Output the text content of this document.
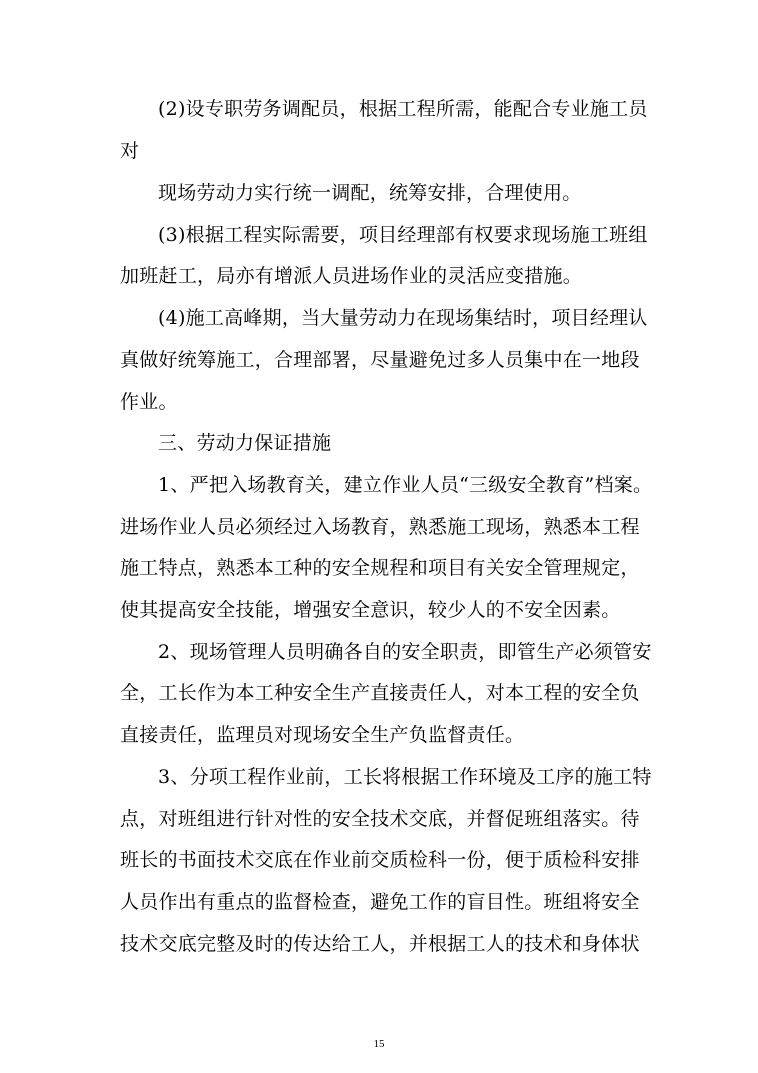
(2)设专职劳务调配员，根据工程所需，能配合专业施工员
对
现场劳动力实行统一调配，统筹安排，合理使用。
(3)根据工程实际需要，项目经理部有权要求现场施工班组
加班赶工，局亦有增派人员进场作业的灵活应变措施。
(4)施工高峰期，当大量劳动力在现场集结时，项目经理认
真做好统筹施工，合理部署，尽量避免过多人员集中在一地段
作业。
三、劳动力保证措施
1、严把入场教育关，建立作业人员“三级安全教育”档案。
进场作业人员必须经过入场教育，熟悉施工现场，熟悉本工程
施工特点，熟悉本工种的安全规程和项目有关安全管理规定，
使其提高安全技能，增强安全意识，较少人的不安全因素。
2、现场管理人员明确各自的安全职责，即管生产必须管安
全，工长作为本工种安全生产直接责任人，对本工程的安全负
直接责任，监理员对现场安全生产负监督责任。
3、分项工程作业前，工长将根据工作环境及工序的施工特
点，对班组进行针对性的安全技术交底，并督促班组落实。待
班长的书面技术交底在作业前交质检科一份，便于质检科安排
人员作出有重点的监督检查，避免工作的盲目性。班组将安全
技术交底完整及时的传达给工人，并根据工人的技术和身体状
15
